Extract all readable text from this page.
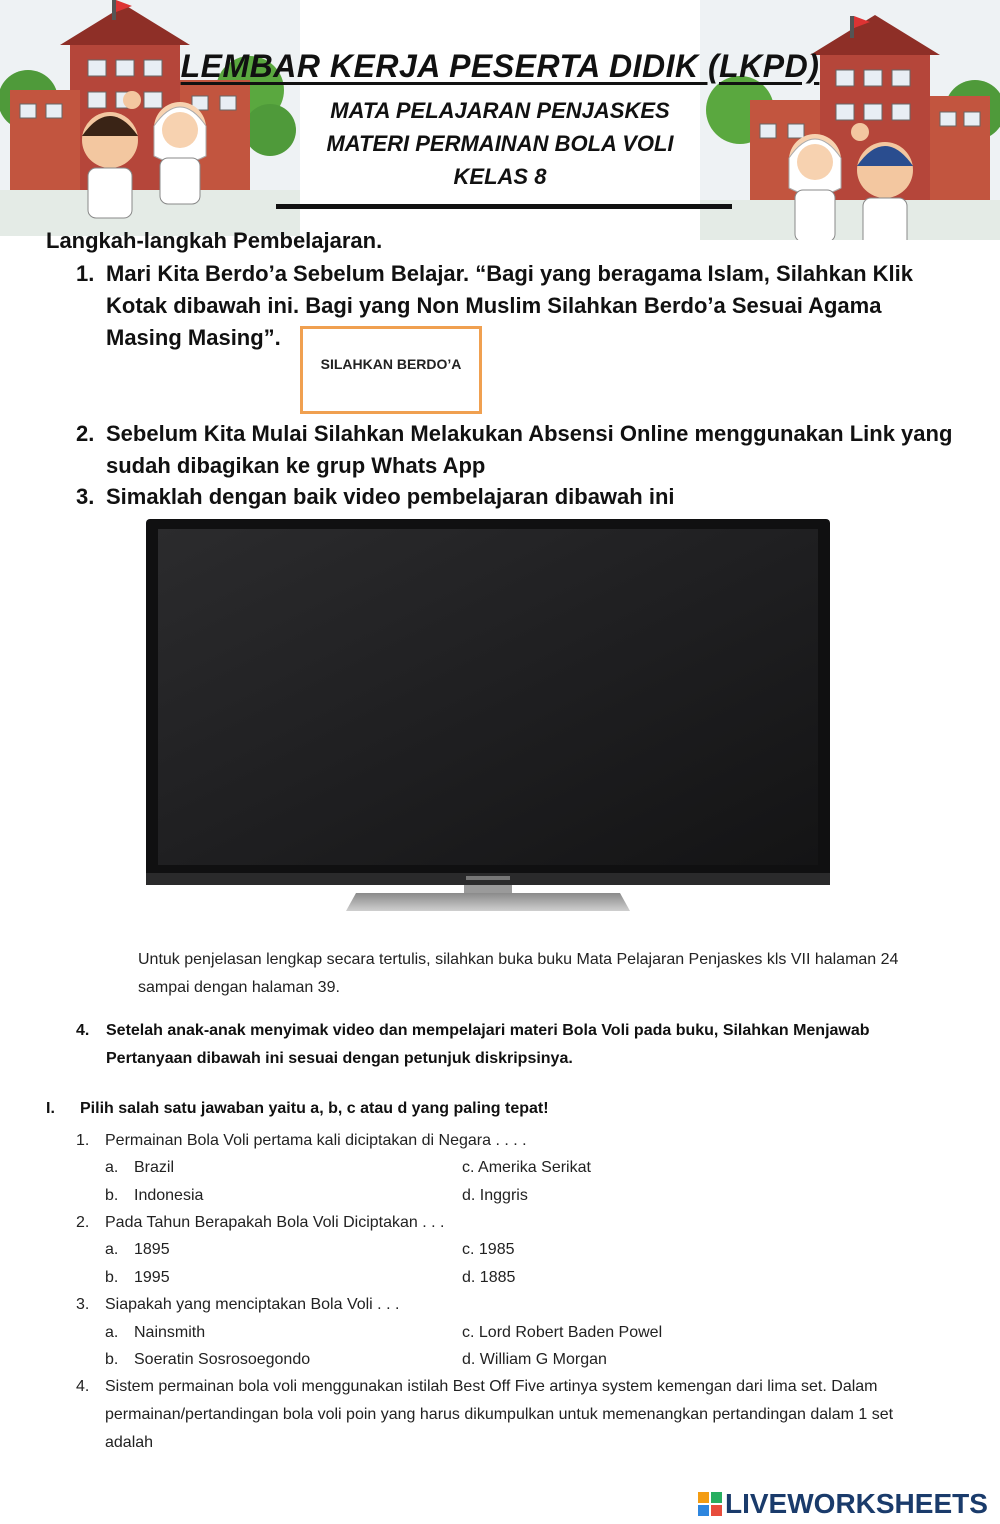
LEMBAR KERJA PESERTA DIDIK (LKPD)
MATA PELAJARAN PENJASKES
MATERI PERMAINAN BOLA VOLI
KELAS 8
Langkah-langkah Pembelajaran.
1. Mari Kita Berdo’a Sebelum Belajar. “Bagi yang beragama Islam, Silahkan Klik Kotak dibawah ini. Bagi yang Non Muslim Silahkan Berdo’a Sesuai Agama Masing Masing”.
SILAHKAN BERDO’A
2. Sebelum Kita Mulai Silahkan Melakukan Absensi Online menggunakan Link yang sudah dibagikan ke grup Whats App
3. Simaklah dengan baik video pembelajaran dibawah ini
Untuk penjelasan lengkap secara tertulis, silahkan buka buku Mata Pelajaran Penjaskes kls VII halaman 24 sampai dengan halaman 39.
4. Setelah anak-anak menyimak video dan mempelajari materi Bola Voli pada buku, Silahkan Menjawab Pertanyaan dibawah ini sesuai dengan petunjuk diskripsinya.
I. Pilih salah satu jawaban yaitu a, b, c atau d yang paling tepat!
1. Permainan Bola Voli pertama kali diciptakan di Negara . . . .
a. Brazil	c. Amerika Serikat
b. Indonesia	d. Inggris
2. Pada Tahun Berapakah Bola Voli Diciptakan . . .
a. 1895	c. 1985
b. 1995	d. 1885
3. Siapakah yang menciptakan Bola Voli . . .
a. Nainsmith	c. Lord Robert Baden Powel
b. Soeratin Sosrosoegondo	d. William G Morgan
4. Sistem permainan bola voli menggunakan istilah Best Off Five artinya system kemengan dari lima set. Dalam permainan/pertandingan bola voli poin yang harus dikumpulkan untuk memenangkan pertandingan dalam 1 set adalah
LIVEWORKSHEETS
